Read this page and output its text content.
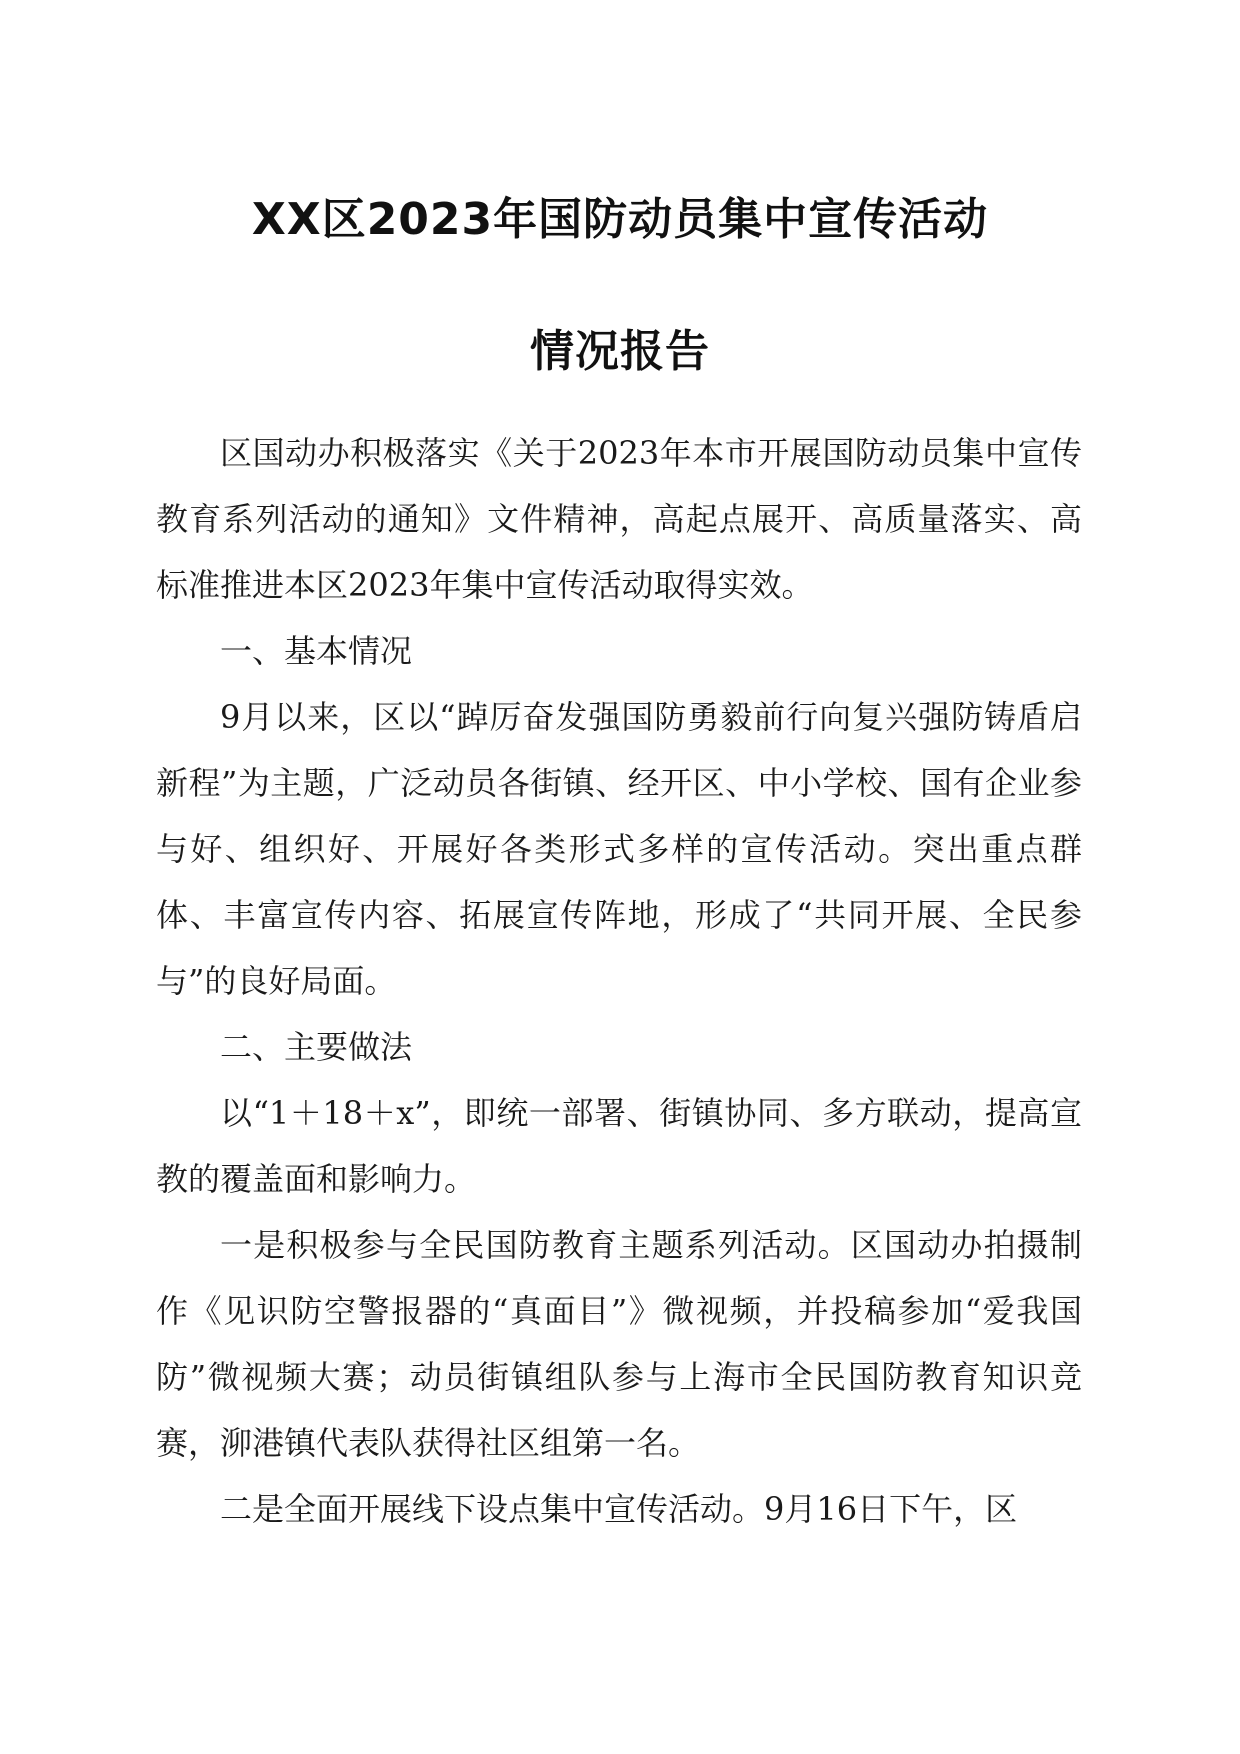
XX区2023年国防动员集中宣传活动
情况报告

区国动办积极落实《关于2023年本市开展国防动员集中宣传教育系列活动的通知》文件精神，高起点展开、高质量落实、高标准推进本区2023年集中宣传活动取得实效。

一、基本情况

9月以来，区以“踔厉奋发强国防勇毅前行向复兴强防铸盾启新程”为主题，广泛动员各街镇、经开区、中小学校、国有企业参与好、组织好、开展好各类形式多样的宣传活动。突出重点群体、丰富宣传内容、拓展宣传阵地，形成了“共同开展、全民参与”的良好局面。

二、主要做法

以“1＋18＋x”，即统一部署、街镇协同、多方联动，提高宣教的覆盖面和影响力。

一是积极参与全民国防教育主题系列活动。区国动办拍摄制作《见识防空警报器的“真面目”》微视频，并投稿参加“爱我国防”微视频大赛；动员街镇组队参与上海市全民国防教育知识竞赛，泖港镇代表队获得社区组第一名。

二是全面开展线下设点集中宣传活动。9月16日下午，区
